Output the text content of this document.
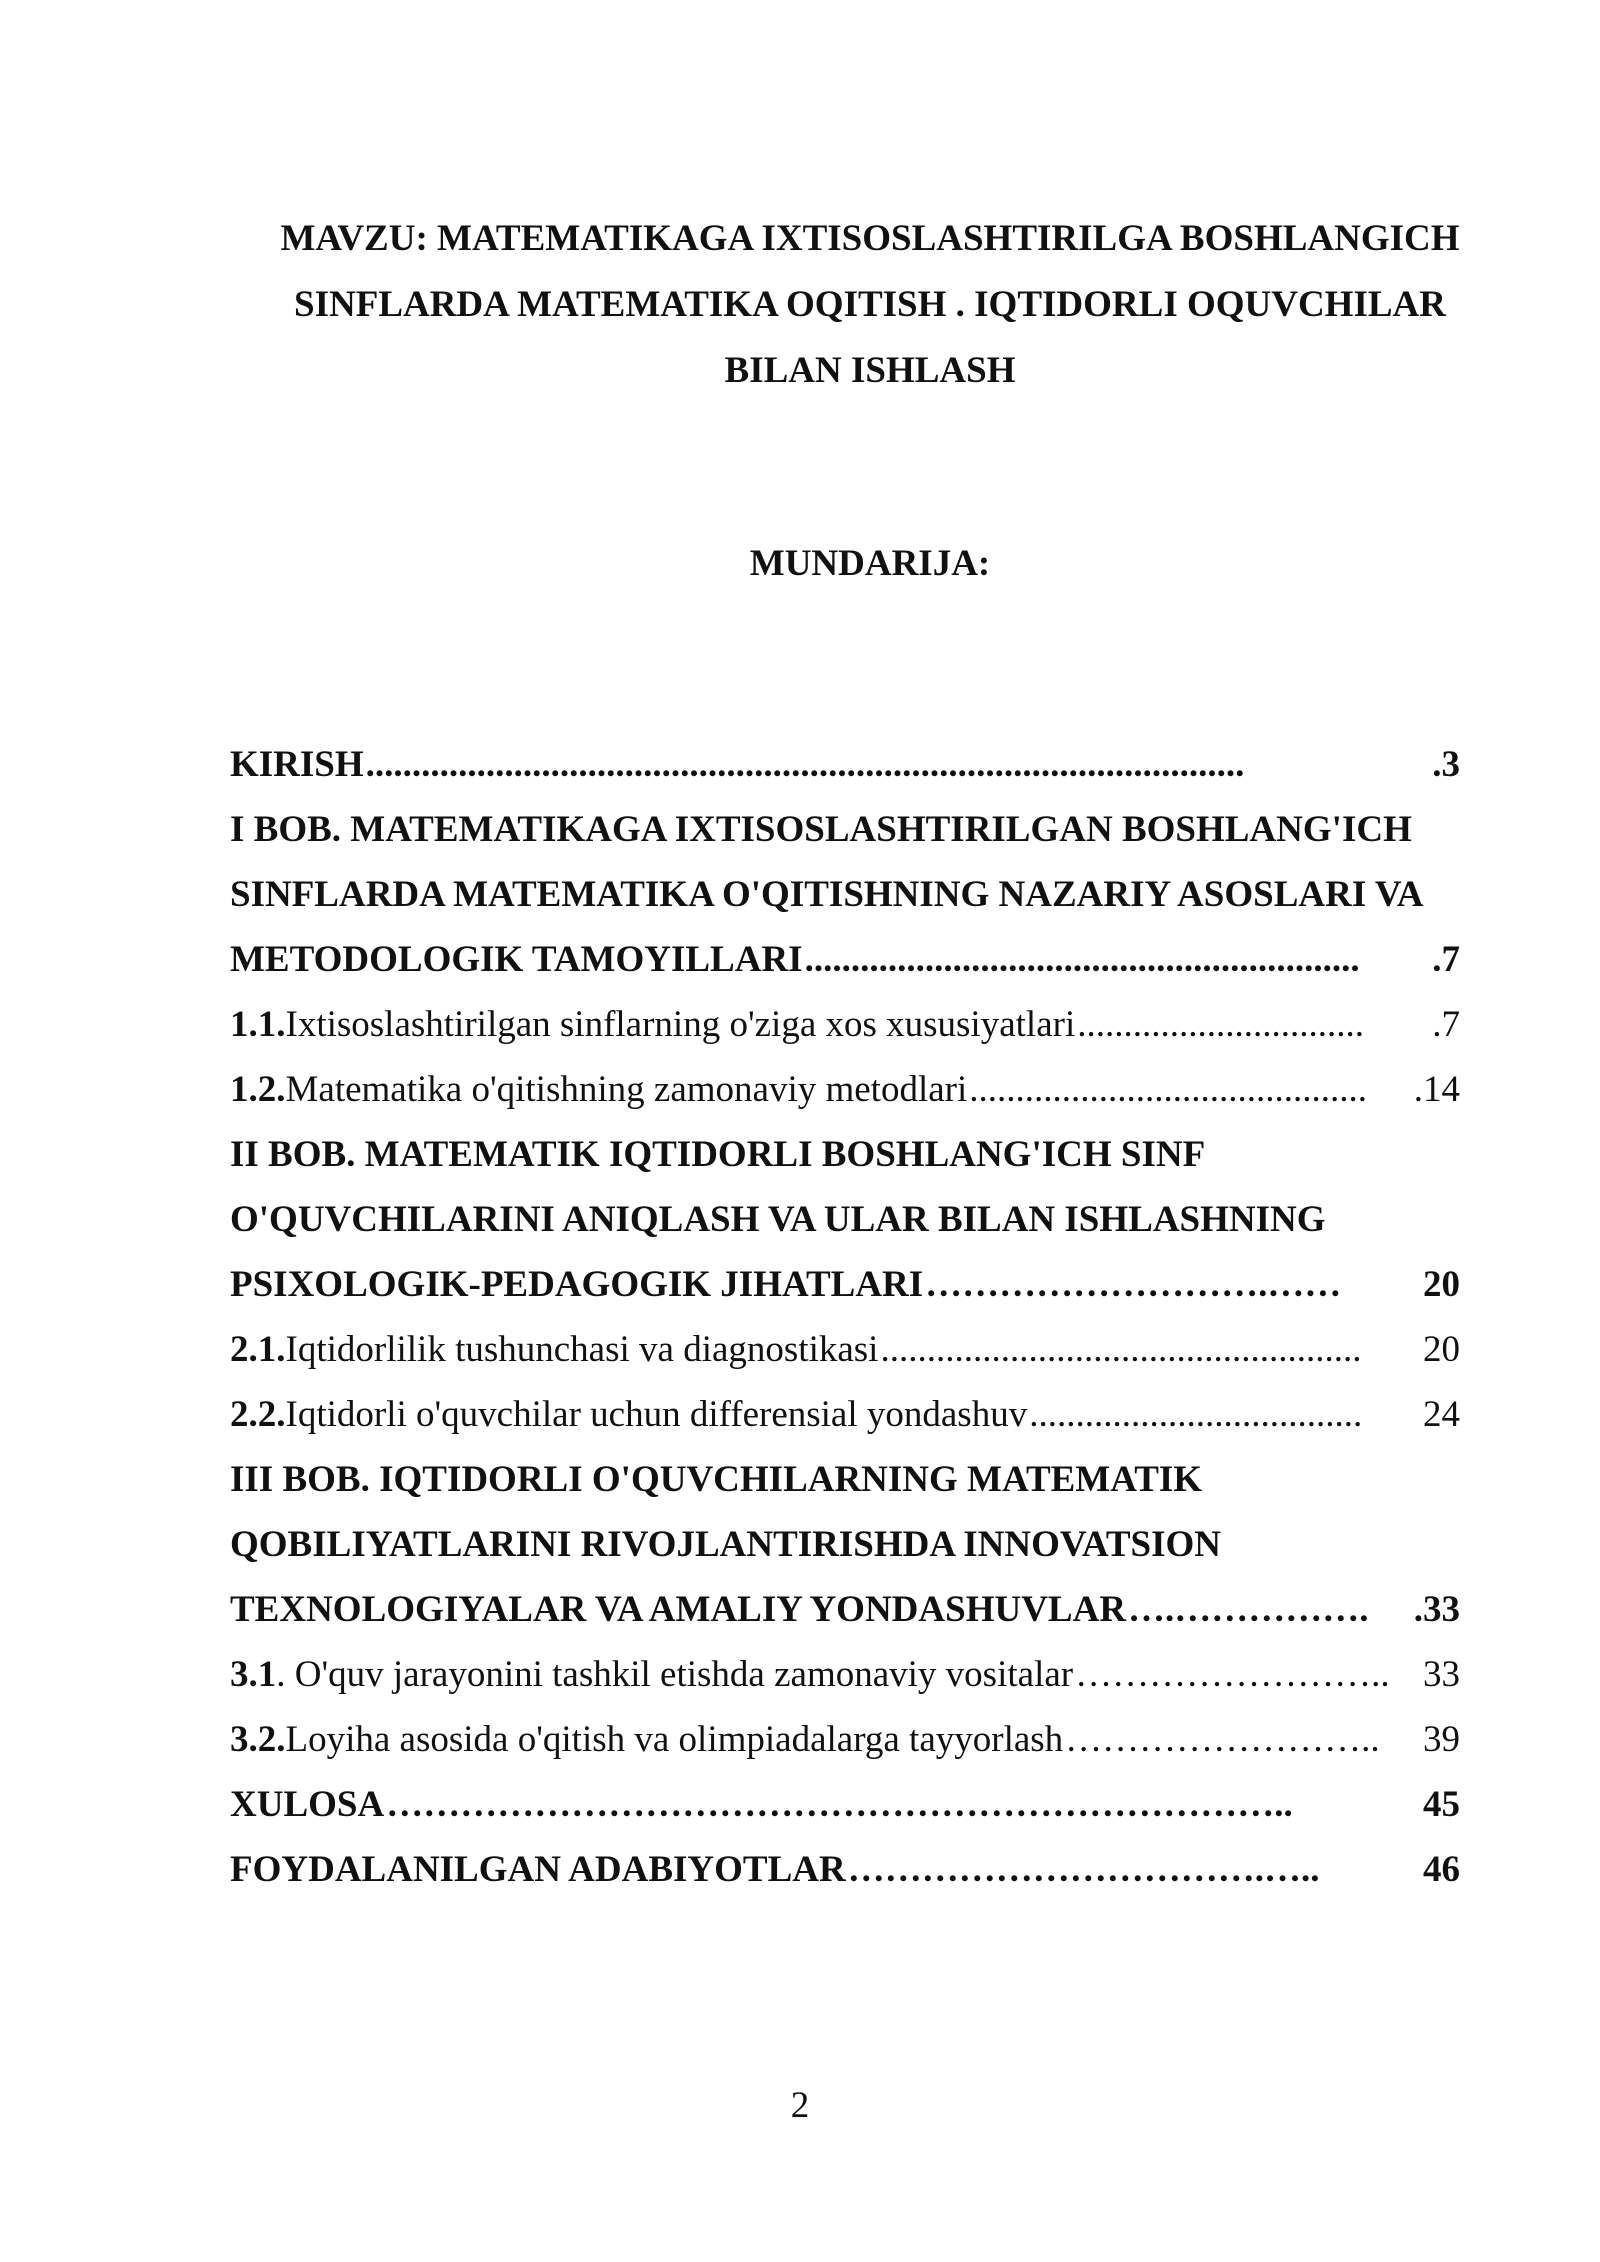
MAVZU: MATEMATIKAGA IXTISOSLASHTIRILGA BOSHLANGICH
SINFLARDA MATEMATIKA OQITISH . IQTIDORLI OQUVCHILAR
BILAN ISHLASH
MUNDARIJA:
KIRISH ...............................................................................................	.3
I BOB. MATEMATIKAGA IXTISOSLASHTIRILGAN BOSHLANG'ICH
SINFLARDA MATEMATIKA O'QITISHNING NAZARIY ASOSLARI VA
METODOLOGIK TAMOYILLARI ............................................................	.7
1.1. Ixtisoslashtirilgan sinflarning o'ziga xos xususiyatlari ...............................	.7
1.2. Matematika o'qitishning zamonaviy metodlari ...........................................	.14
II BOB. MATEMATIK IQTIDORLI BOSHLANG'ICH SINF
O'QUVCHILARINI ANIQLASH VA ULAR BILAN ISHLASHNING
PSIXOLOGIK-PEDAGOGIK JIHATLARI ……………………….……	20
2.1. Iqtidorlilik tushunchasi va diagnostikasi ....................................................	20
2.2. Iqtidorli o'quvchilar uchun differensial yondashuv ....................................	24
III BOB. IQTIDORLI O'QUVCHILARNING MATEMATIK
QOBILIYATLARINI RIVOJLANTIRISHDA INNOVATSION
TEXNOLOGIYALAR VA AMALIY YONDASHUVLAR ….…………….	.33
3.1 . O'quv jarayonini tashkil etishda zamonaviy vositalar …………………….. 33
3.2. Loyiha asosida o'qitish va olimpiadalarga tayyorlash ……………………..	39
XULOSA ………………………………………………………………..	45
FOYDALANILGAN ADABIYOTLAR …………………………….…..	46
2
